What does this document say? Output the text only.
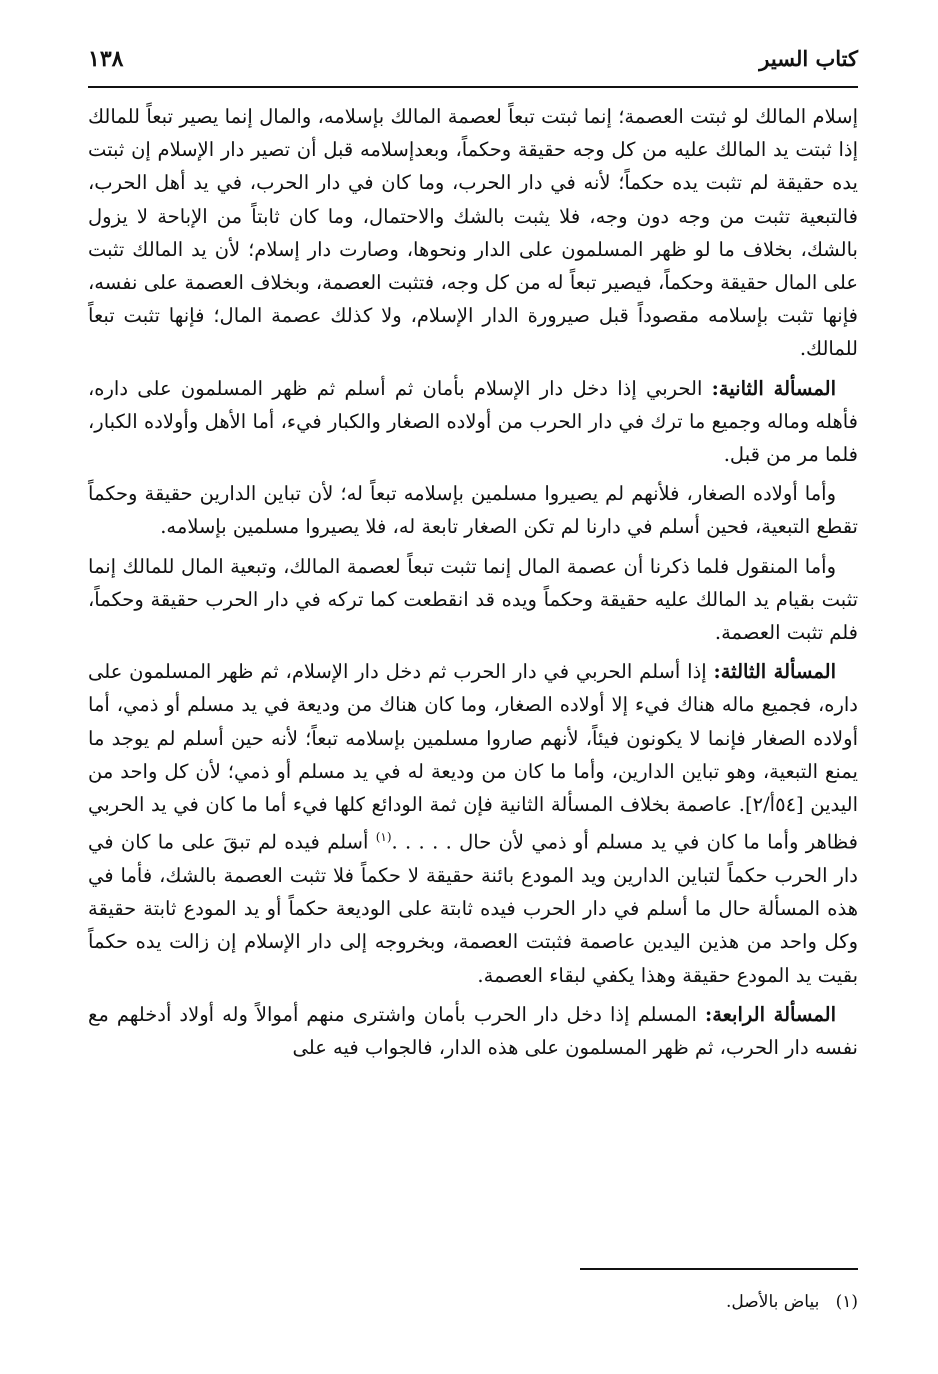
كتاب السير
١٣٨

إسلام المالك لو ثبتت العصمة؛ إنما ثبتت تبعاً لعصمة المالك بإسلامه، والمال إنما يصير تبعاً للمالك إذا ثبتت يد المالك عليه من كل وجه حقيقة وحكماً، وبعدإسلامه قبل أن تصير دار الإسلام إن ثبتت يده حقيقة لم تثبت يده حكماً؛ لأنه في دار الحرب، وما كان في دار الحرب، في يد أهل الحرب، فالتبعية تثبت من وجه دون وجه، فلا يثبت بالشك والاحتمال، وما كان ثابتاً من الإباحة لا يزول بالشك، بخلاف ما لو ظهر المسلمون على الدار ونحوها، وصارت دار إسلام؛ لأن يد المالك تثبت على المال حقيقة وحكماً، فيصير تبعاً له من كل وجه، فتثبت العصمة، وبخلاف العصمة على نفسه، فإنها تثبت بإسلامه مقصوداً قبل صيرورة الدار الإسلام، ولا كذلك عصمة المال؛ فإنها تثبت تبعاً للمالك.

المسألة الثانية: الحربي إذا دخل دار الإسلام بأمان ثم أسلم ثم ظهر المسلمون على داره، فأهله وماله وجميع ما ترك في دار الحرب من أولاده الصغار والكبار فيء، أما الأهل وأولاده الكبار، فلما مر من قبل.

وأما أولاده الصغار، فلأنهم لم يصيروا مسلمين بإسلامه تبعاً له؛ لأن تباين الدارين حقيقة وحكماً تقطع التبعية، فحين أسلم في دارنا لم تكن الصغار تابعة له، فلا يصيروا مسلمين بإسلامه.

وأما المنقول فلما ذكرنا أن عصمة المال إنما تثبت تبعاً لعصمة المالك، وتبعية المال للمالك إنما تثبت بقيام يد المالك عليه حقيقة وحكماً ويده قد انقطعت كما تركه في دار الحرب حقيقة وحكماً، فلم تثبت العصمة.

المسألة الثالثة: إذا أسلم الحربي في دار الحرب ثم دخل دار الإسلام، ثم ظهر المسلمون على داره، فجميع ماله هناك فيء إلا أولاده الصغار، وما كان هناك من وديعة في يد مسلم أو ذمي، أما أولاده الصغار فإنما لا يكونون فيئاً، لأنهم صاروا مسلمين بإسلامه تبعاً؛ لأنه حين أسلم لم يوجد ما يمنع التبعية، وهو تباين الدارين، وأما ما كان من وديعة له في يد مسلم أو ذمي؛ لأن كل واحد من اليدين [٥٤أ/٢]. عاصمة بخلاف المسألة الثانية فإن ثمة الودائع كلها فيء أما ما كان في يد الحربي فظاهر وأما ما كان في يد مسلم أو ذمي لأن حال . . . . .$^{(١)}$ أسلم فيده لم تبقَ على ما كان في دار الحرب حكماً لتباين الدارين ويد المودع بائنة حقيقة لا حكماً فلا تثبت العصمة بالشك، فأما في هذه المسألة حال ما أسلم في دار الحرب فيده ثابتة على الوديعة حكماً أو يد المودع ثابتة حقيقة وكل واحد من هذين اليدين عاصمة فثبتت العصمة، وبخروجه إلى دار الإسلام إن زالت يده حكماً بقيت يد المودع حقيقة وهذا يكفي لبقاء العصمة.

المسألة الرابعة: المسلم إذا دخل دار الحرب بأمان واشترى منهم أموالاً وله أولاد أدخلهم مع نفسه دار الحرب، ثم ظهر المسلمون على هذه الدار، فالجواب فيه على

(١)   بياض بالأصل.
